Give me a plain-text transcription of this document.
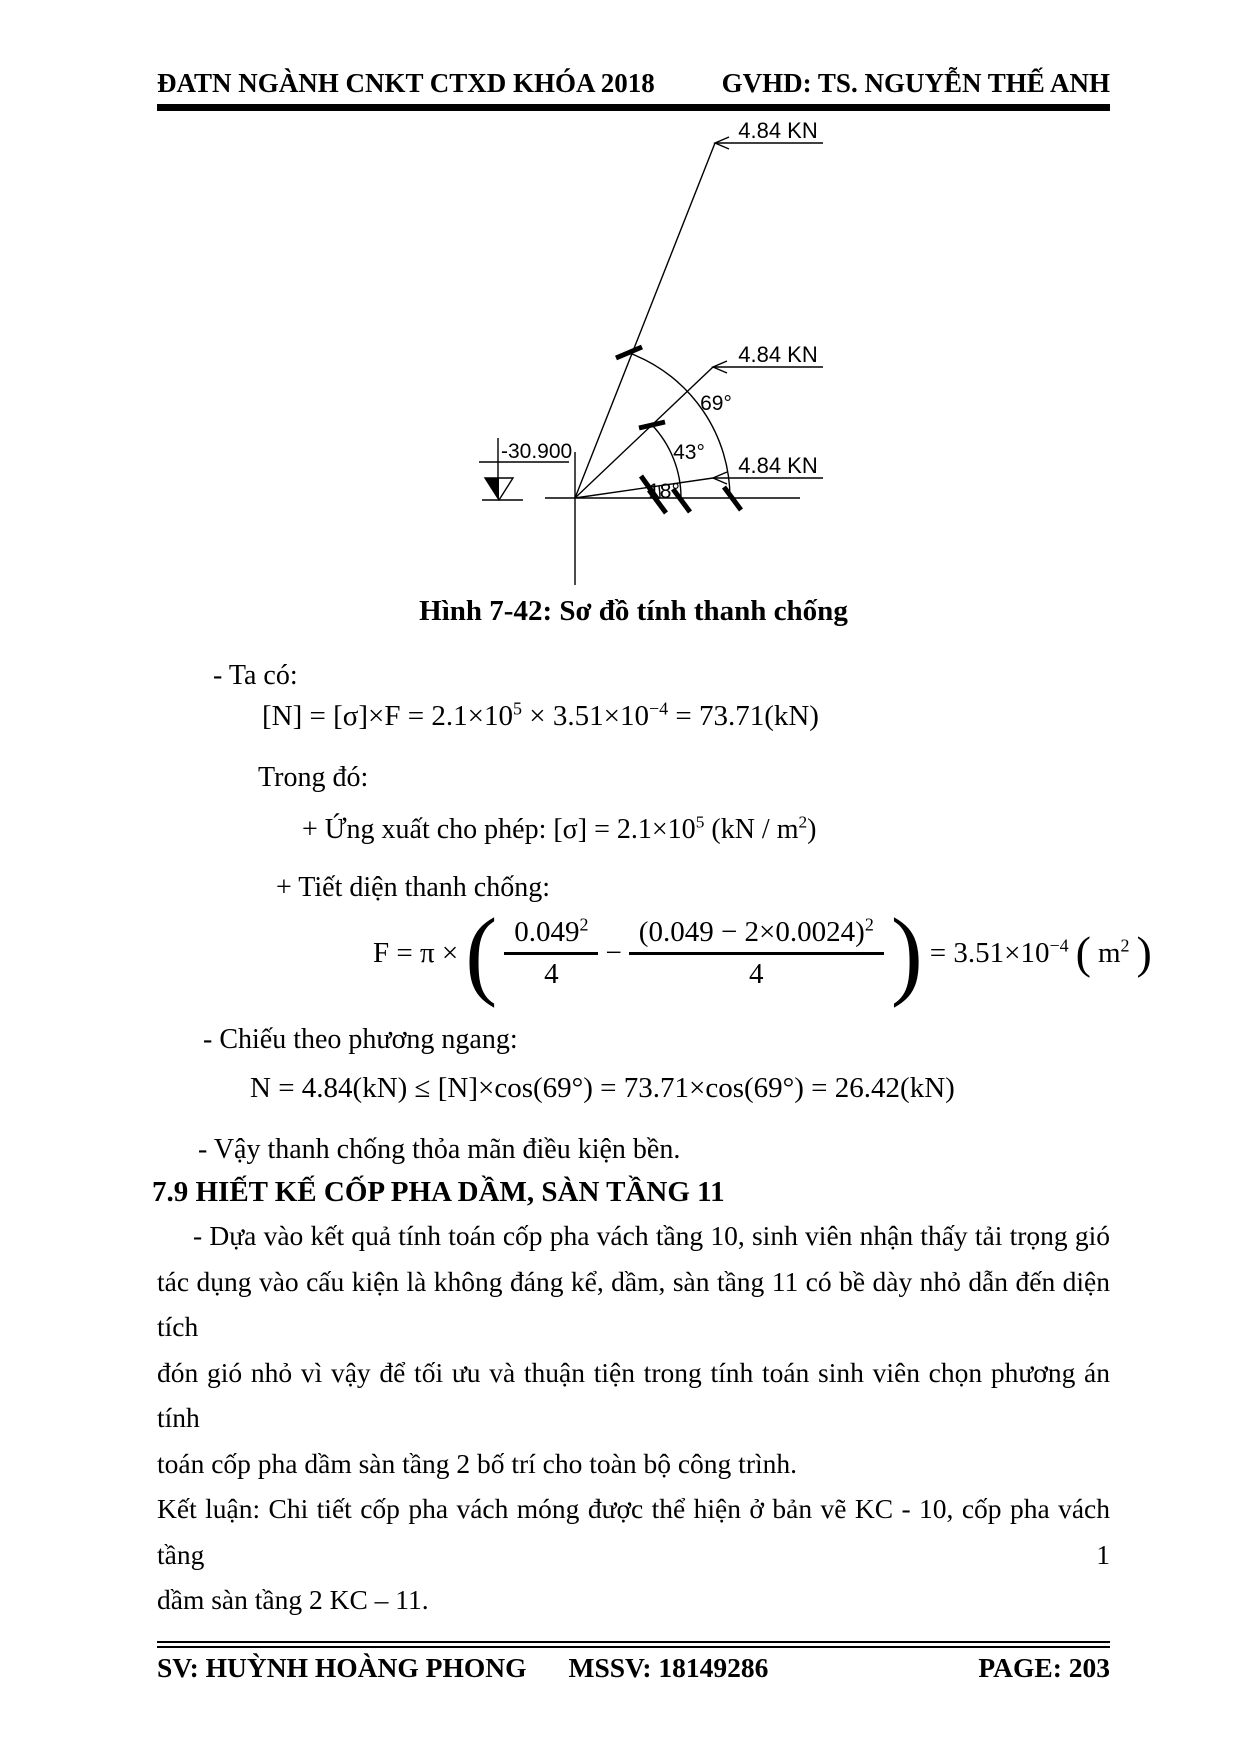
ĐATN NGÀNH CNKT CTXD KHÓA 2018 GVHD: TS. NGUYỄN THẾ ANH
4.84 KN
4.84 KN
4.84 KN
69°
43°
18°
-30.900
Hình 7-42: Sơ đồ tính thanh chống
- Ta có:
$[N] = [\sigma]\times F = 2.1\times 10^5 \times 3.51\times 10^{-4} = 73.71(kN)$
Trong đó:
+ Ứng xuất cho phép: $[\sigma] = 2.1\times 10^5$ $(kN / m^2)$
+ Tiết diện thanh chống:
F = π × ( $\frac{0.049^2}{4} - \frac{(0.049 - 2\times 0.0024)^2}{4}$ ) = $3.51\times 10^{-4}$ ( $m^2$ )
- Chiếu theo phương ngang:
N = 4.84(kN) ≤ [N]×cos(69°) = 73.71×cos(69°) = 26.42(kN)
- Vậy thanh chống thỏa mãn điều kiện bền.
7.9 HIẾT KẾ CỐP PHA DẦM, SÀN TẦNG 11
- Dựa vào kết quả tính toán cốp pha vách tầng 10, sinh viên nhận thấy tải trọng gió
tác dụng vào cấu kiện là không đáng kể, dầm, sàn tầng 11 có bề dày nhỏ dẫn đến diện tích
đón gió nhỏ vì vậy để tối ưu và thuận tiện trong tính toán sinh viên chọn phương án tính
toán cốp pha dầm sàn tầng 2 bố trí cho toàn bộ công trình.
Kết luận: Chi tiết cốp pha vách móng được thể hiện ở bản vẽ KC - 10, cốp pha vách tầng 1
dầm sàn tầng 2 KC – 11.
SV: HUỲNH HOÀNG PHONG MSSV: 18149286	PAGE: 203
